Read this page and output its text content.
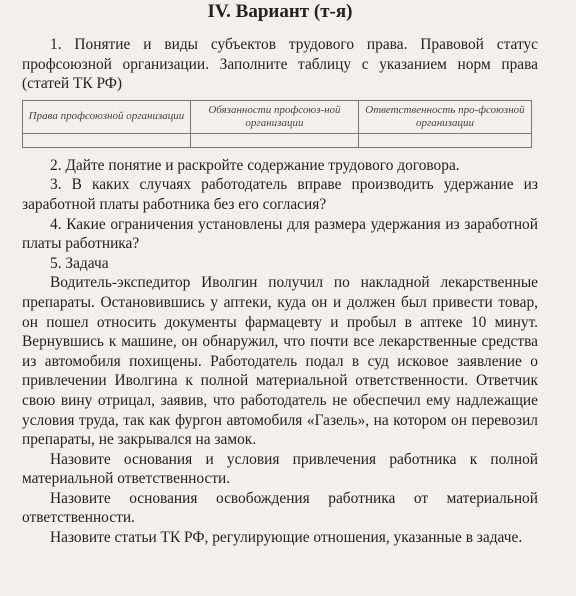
IV. Вариант (т-я)

1. Понятие и виды субъектов трудового права. Правовой статус профсоюзной организации. Заполните таблицу с указанием норм права (статей ТК РФ)

Права профсоюзной организации	Обязанности профсоюз-ной организации	Ответственность про-фсоюзной организации

2. Дайте понятие и раскройте содержание трудового договора.

3. В каких случаях работодатель вправе производить удержание из заработной платы работника без его согласия?

4. Какие ограничения установлены для размера удержания из заработной платы работника?

5. Задача

Водитель-экспедитор Иволгин получил по накладной лекарственные препараты. Остановившись у аптеки, куда он и должен был привести товар, он пошел относить документы фармацевту и пробыл в аптеке 10 минут. Вернувшись к машине, он обнаружил, что почти все лекарственные средства из автомобиля похищены. Работодатель подал в суд исковое заявление о привлечении Иволгина к полной материальной ответственности. Ответчик свою вину отрицал, заявив, что работодатель не обеспечил ему надлежащие условия труда, так как фургон автомобиля «Газель», на котором он перевозил препараты, не закрывался на замок.

Назовите основания и условия привлечения работника к полной материальной ответственности.

Назовите основания освобождения работника от материальной ответственности.

Назовите статьи ТК РФ, регулирующие отношения, указанные в задаче.
